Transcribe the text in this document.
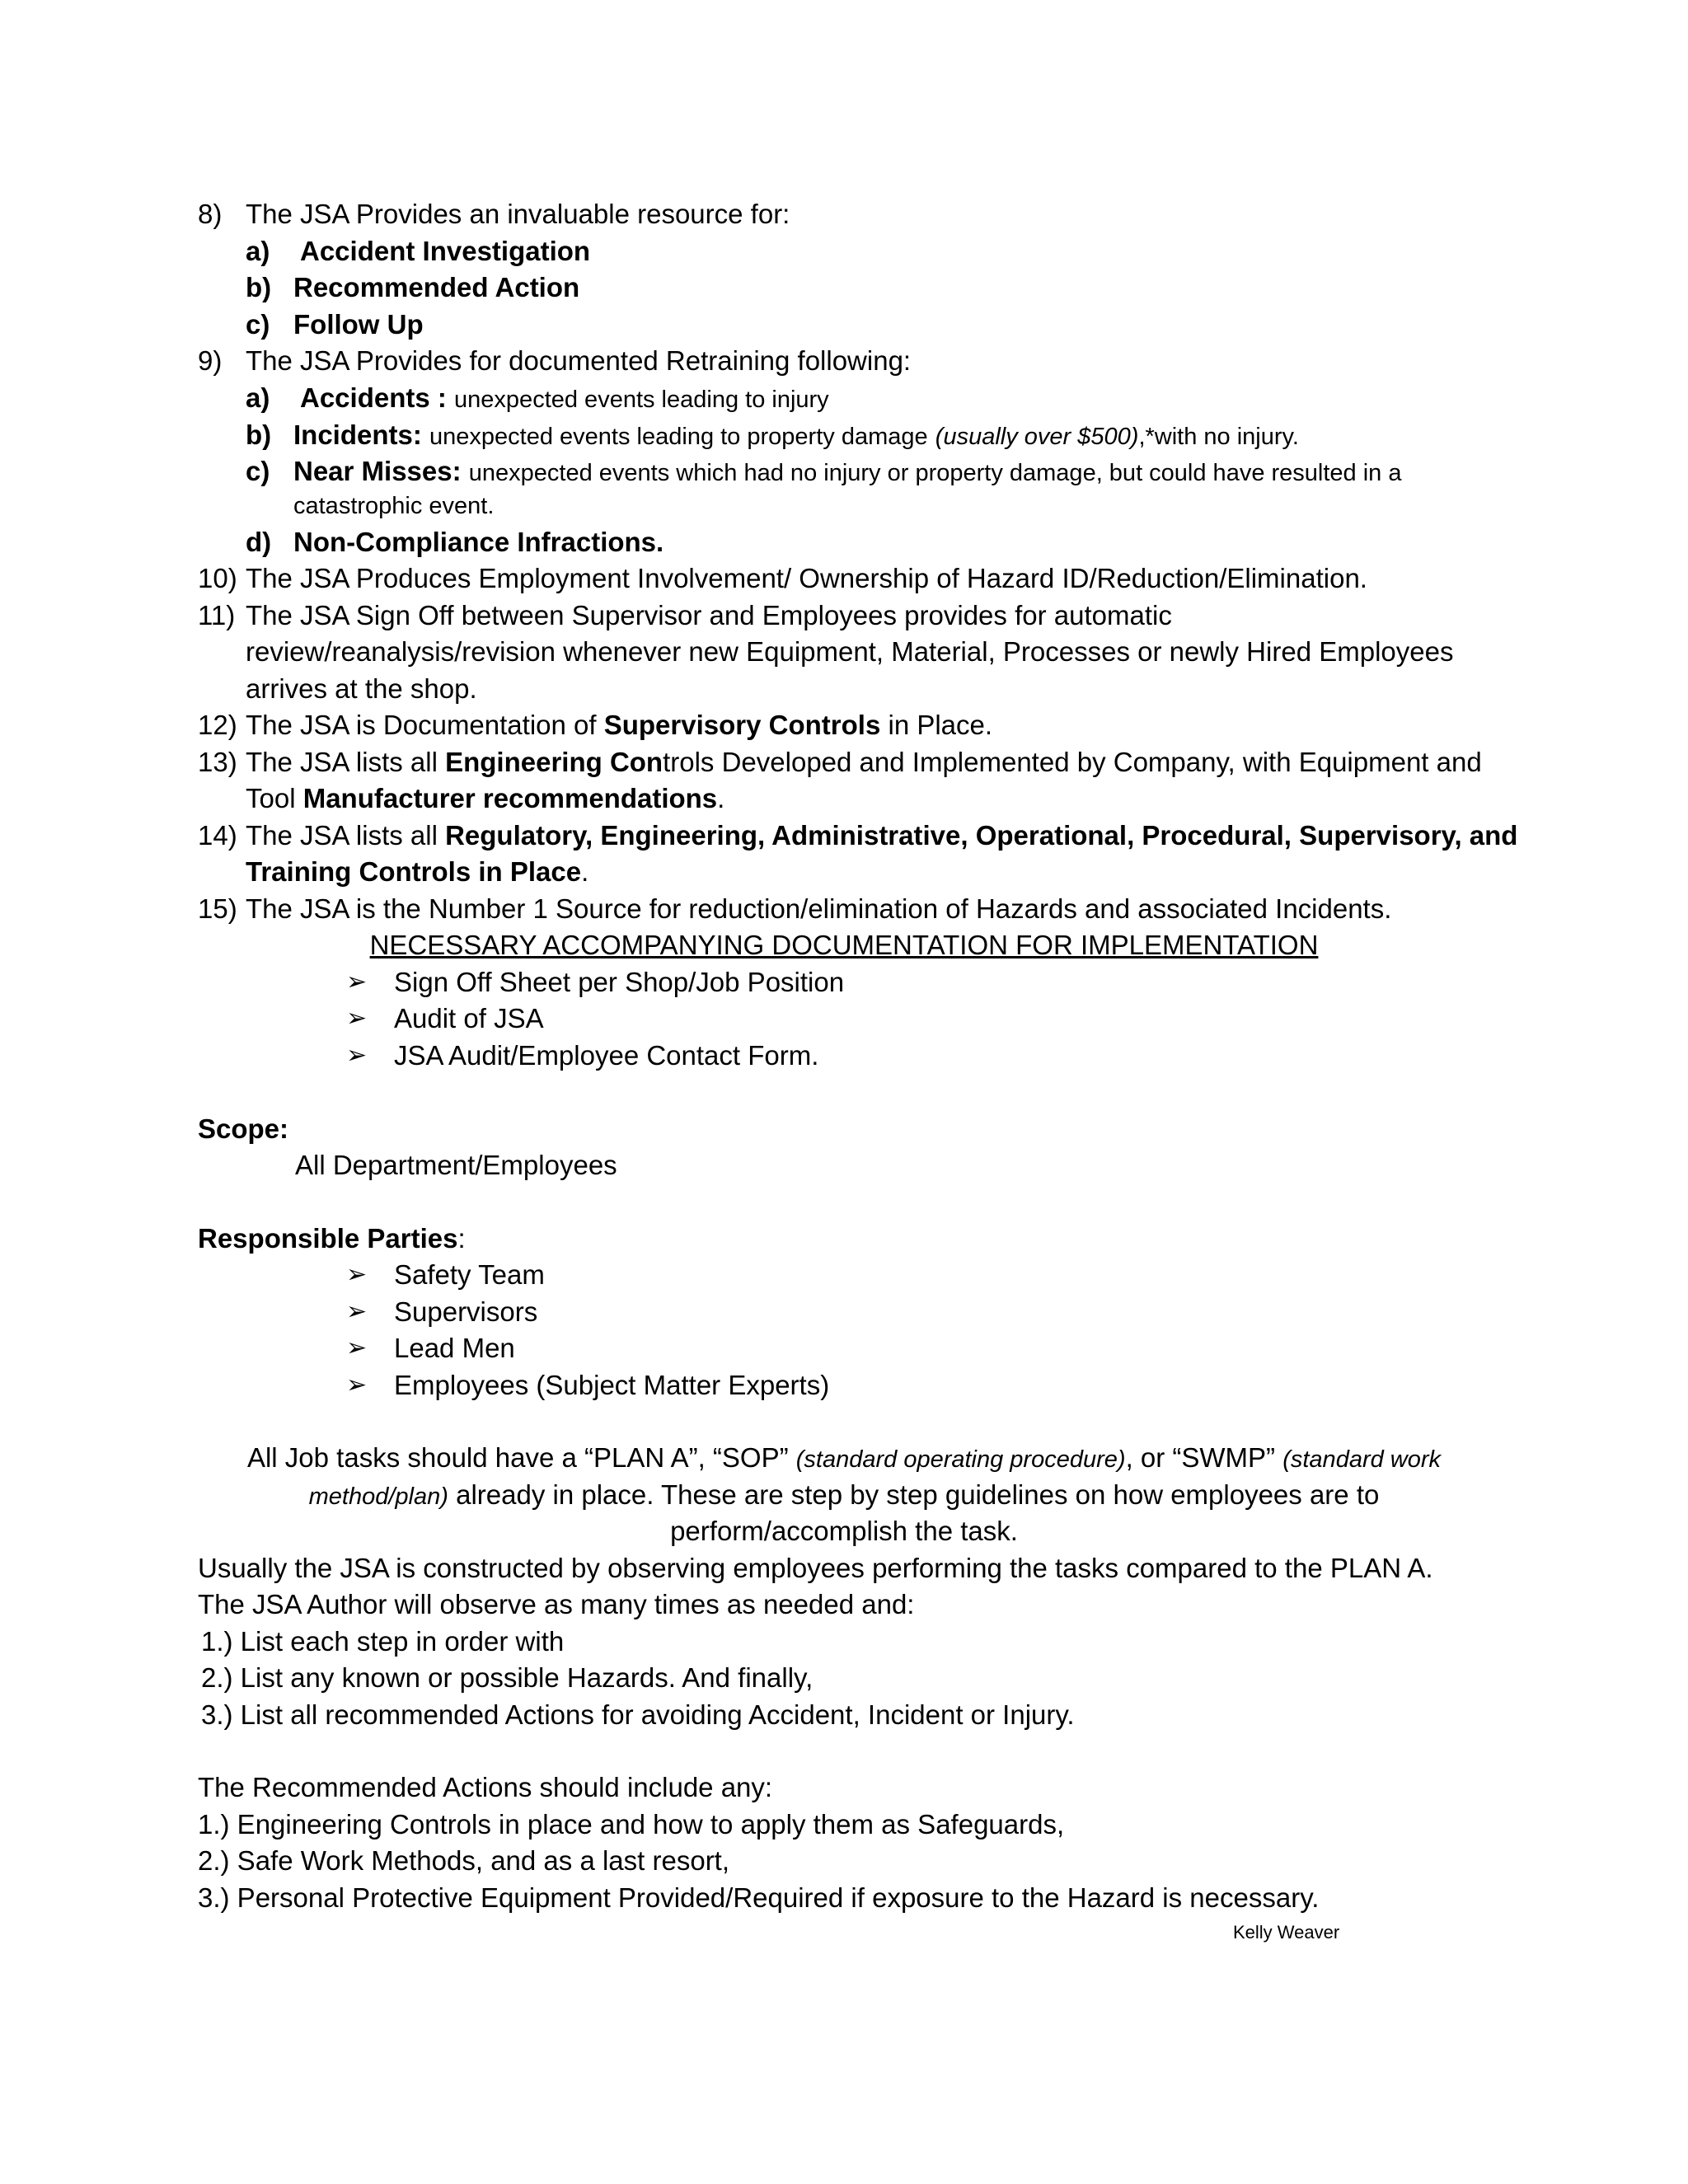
8) The JSA Provides an invaluable resource for:
a) Accident Investigation
b) Recommended Action
c) Follow Up
9) The JSA Provides for documented Retraining following:
a) Accidents : unexpected events leading to injury
b) Incidents: unexpected events leading to property damage (usually over $500),*with no injury.
c) Near Misses: unexpected events which had no injury or property damage, but could have resulted in a
catastrophic event.
d) Non-Compliance Infractions.
10) The JSA Produces Employment Involvement/ Ownership of Hazard ID/Reduction/Elimination.
11) The JSA Sign Off between Supervisor and Employees provides for automatic
review/reanalysis/revision whenever new Equipment, Material, Processes or newly Hired Employees
arrives at the shop.
12) The JSA is Documentation of Supervisory Controls in Place.
13) The JSA lists all Engineering Controls Developed and Implemented by Company, with Equipment and
Tool Manufacturer recommendations.
14) The JSA lists all Regulatory, Engineering, Administrative, Operational, Procedural, Supervisory, and
Training Controls in Place.
15) The JSA is the Number 1 Source for reduction/elimination of Hazards and associated Incidents.
NECESSARY ACCOMPANYING DOCUMENTATION FOR IMPLEMENTATION
➢ Sign Off Sheet per Shop/Job Position
➢ Audit of JSA
➢ JSA Audit/Employee Contact Form.
Scope:
All Department/Employees
Responsible Parties:
➢ Safety Team
➢ Supervisors
➢ Lead Men
➢ Employees (Subject Matter Experts)
All Job tasks should have a “PLAN A”, “SOP” (standard operating procedure), or “SWMP” (standard work
method/plan) already in place. These are step by step guidelines on how employees are to
perform/accomplish the task.
Usually the JSA is constructed by observing employees performing the tasks compared to the PLAN A.
The JSA Author will observe as many times as needed and:
1.) List each step in order with
2.) List any known or possible Hazards. And finally,
3.) List all recommended Actions for avoiding Accident, Incident or Injury.
The Recommended Actions should include any:
1.) Engineering Controls in place and how to apply them as Safeguards,
2.) Safe Work Methods, and as a last resort,
3.) Personal Protective Equipment Provided/Required if exposure to the Hazard is necessary.
Kelly Weaver
